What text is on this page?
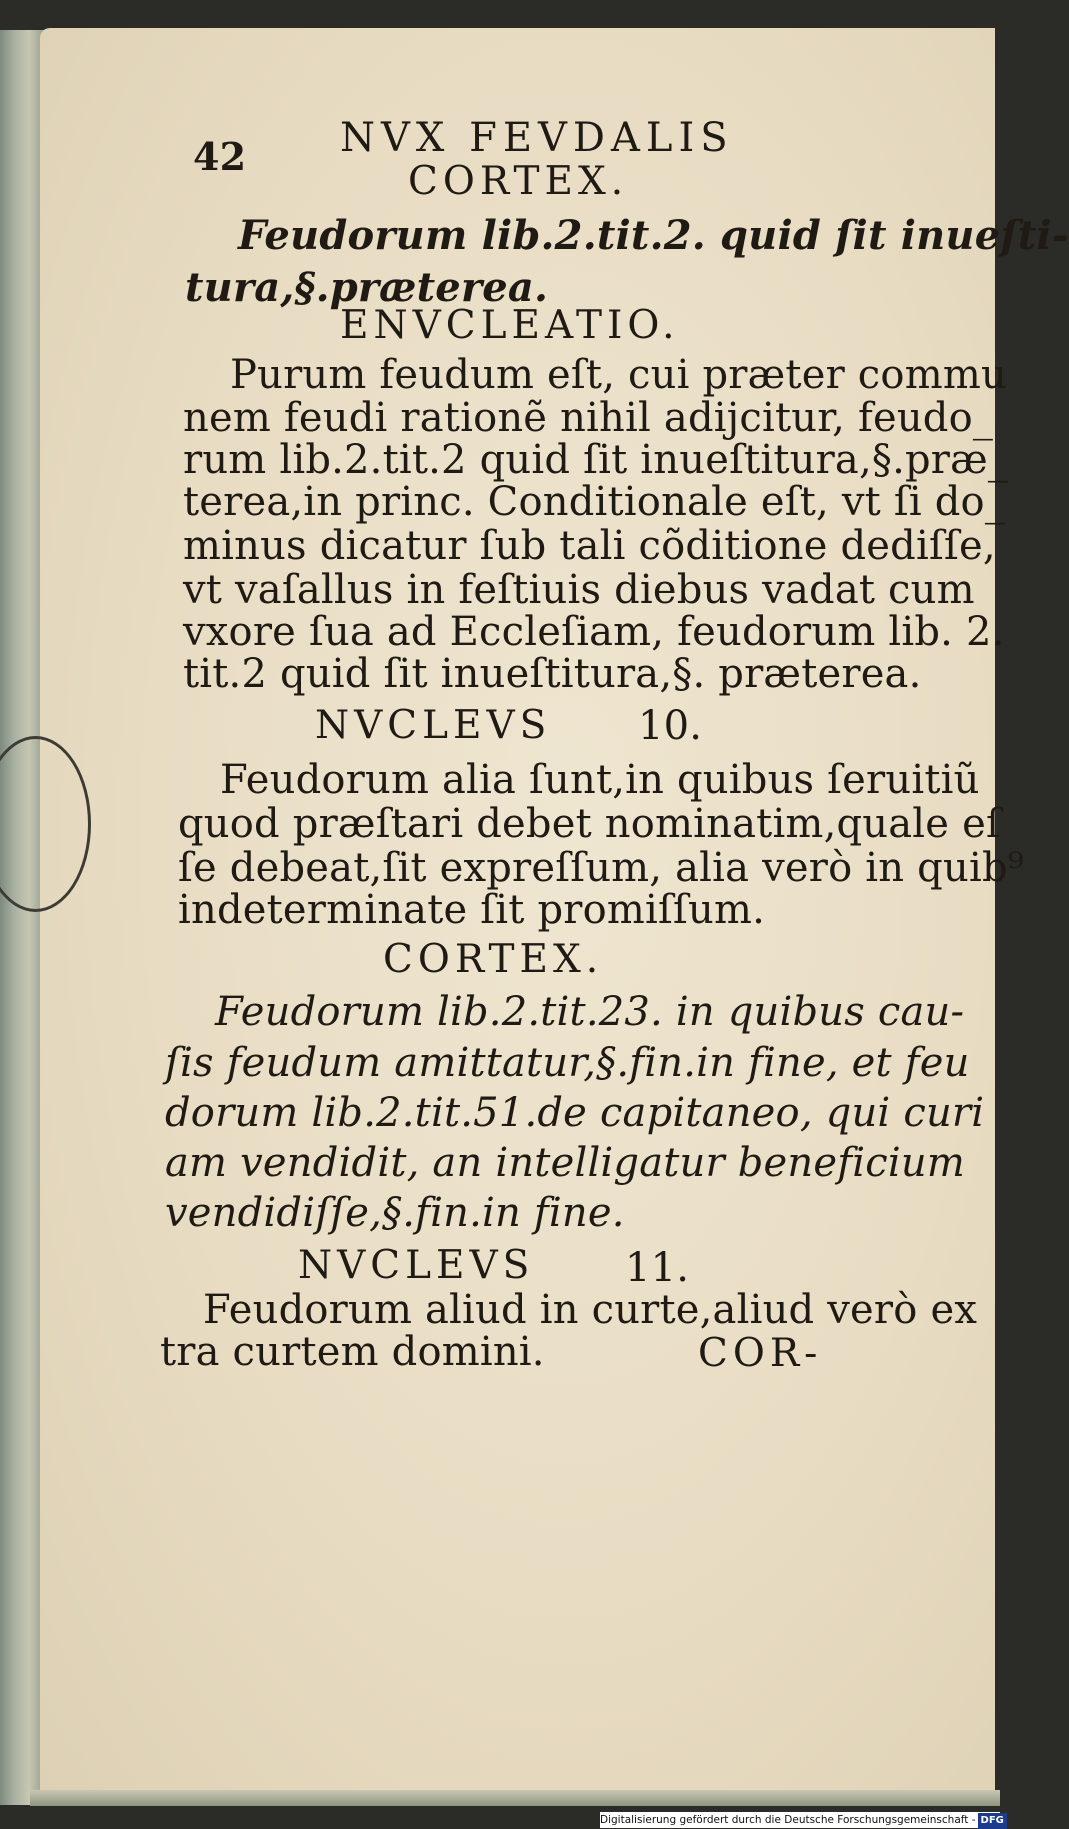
42 NVX FEVDALIS
CORTEX.
Feudorum lib.2.tit.2. quid ſit inueſti-
tura,§.præterea.
ENVCLEATIO.
Purum feudum eſt, cui præter commu
nem feudi rationẽ nihil adijcitur, feudo_
rum lib.2.tit.2 quid ſit inueſtitura,§.præ_
terea,in princ. Conditionale eſt, vt ſi do_
minus dicatur ſub tali cõditione dediſſe,
vt vaſallus in feſtiuis diebus vadat cum
vxore ſua ad Eccleſiam, feudorum lib. 2.
tit.2 quid ſit inueſtitura,§. præterea.
NVCLEVS 10.
Feudorum alia ſunt,in quibus ſeruitiũ
quod præſtari debet nominatim,quale eſ
ſe debeat,ſit expreſſum, alia verò in quib⁹
indeterminate ſit promiſſum.
CORTEX.
Feudorum lib.2.tit.23. in quibus cau-
ſis feudum amittatur,§.fin.in fine, et feu
dorum lib.2.tit.51.de capitaneo, qui curi
am vendidit, an intelligatur beneficium
vendidiſſe,§.fin.in fine.
NVCLEVS 11.
Feudorum aliud in curte,aliud verò ex
tra curtem domini.	COR-
Digitalisierung gefördert durch die Deutsche Forschungsgemeinschaft - DFG
